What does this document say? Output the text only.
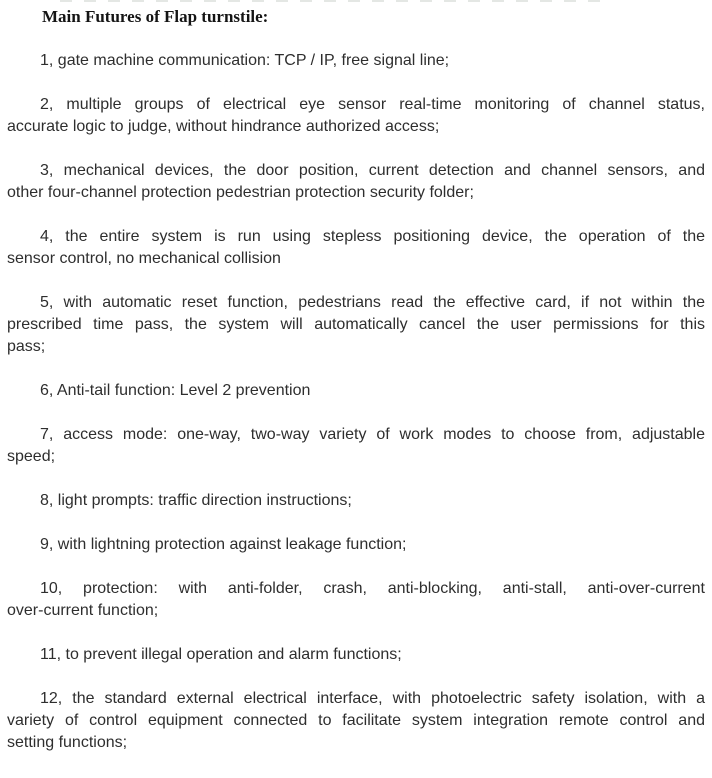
Main Futures of Flap turnstile:

1, gate machine communication: TCP / IP, free signal line;

2, multiple groups of electrical eye sensor real-time monitoring of channel status,
accurate logic to judge, without hindrance authorized access;

3, mechanical devices, the door position, current detection and channel sensors, and
other four-channel protection pedestrian protection security folder;

4, the entire system is run using stepless positioning device, the operation of the
sensor control, no mechanical collision

5, with automatic reset function, pedestrians read the effective card, if not within the
prescribed time pass, the system will automatically cancel the user permissions for this
pass;

6, Anti-tail function: Level 2 prevention

7, access mode: one-way, two-way variety of work modes to choose from, adjustable
speed;

8, light prompts: traffic direction instructions;

9, with lightning protection against leakage function;

10, protection: with anti-folder, crash, anti-blocking, anti-stall, anti-over-current
over-current function;

11, to prevent illegal operation and alarm functions;

12, the standard external electrical interface, with photoelectric safety isolation, with a
variety of control equipment connected to facilitate system integration remote control and
setting functions;
